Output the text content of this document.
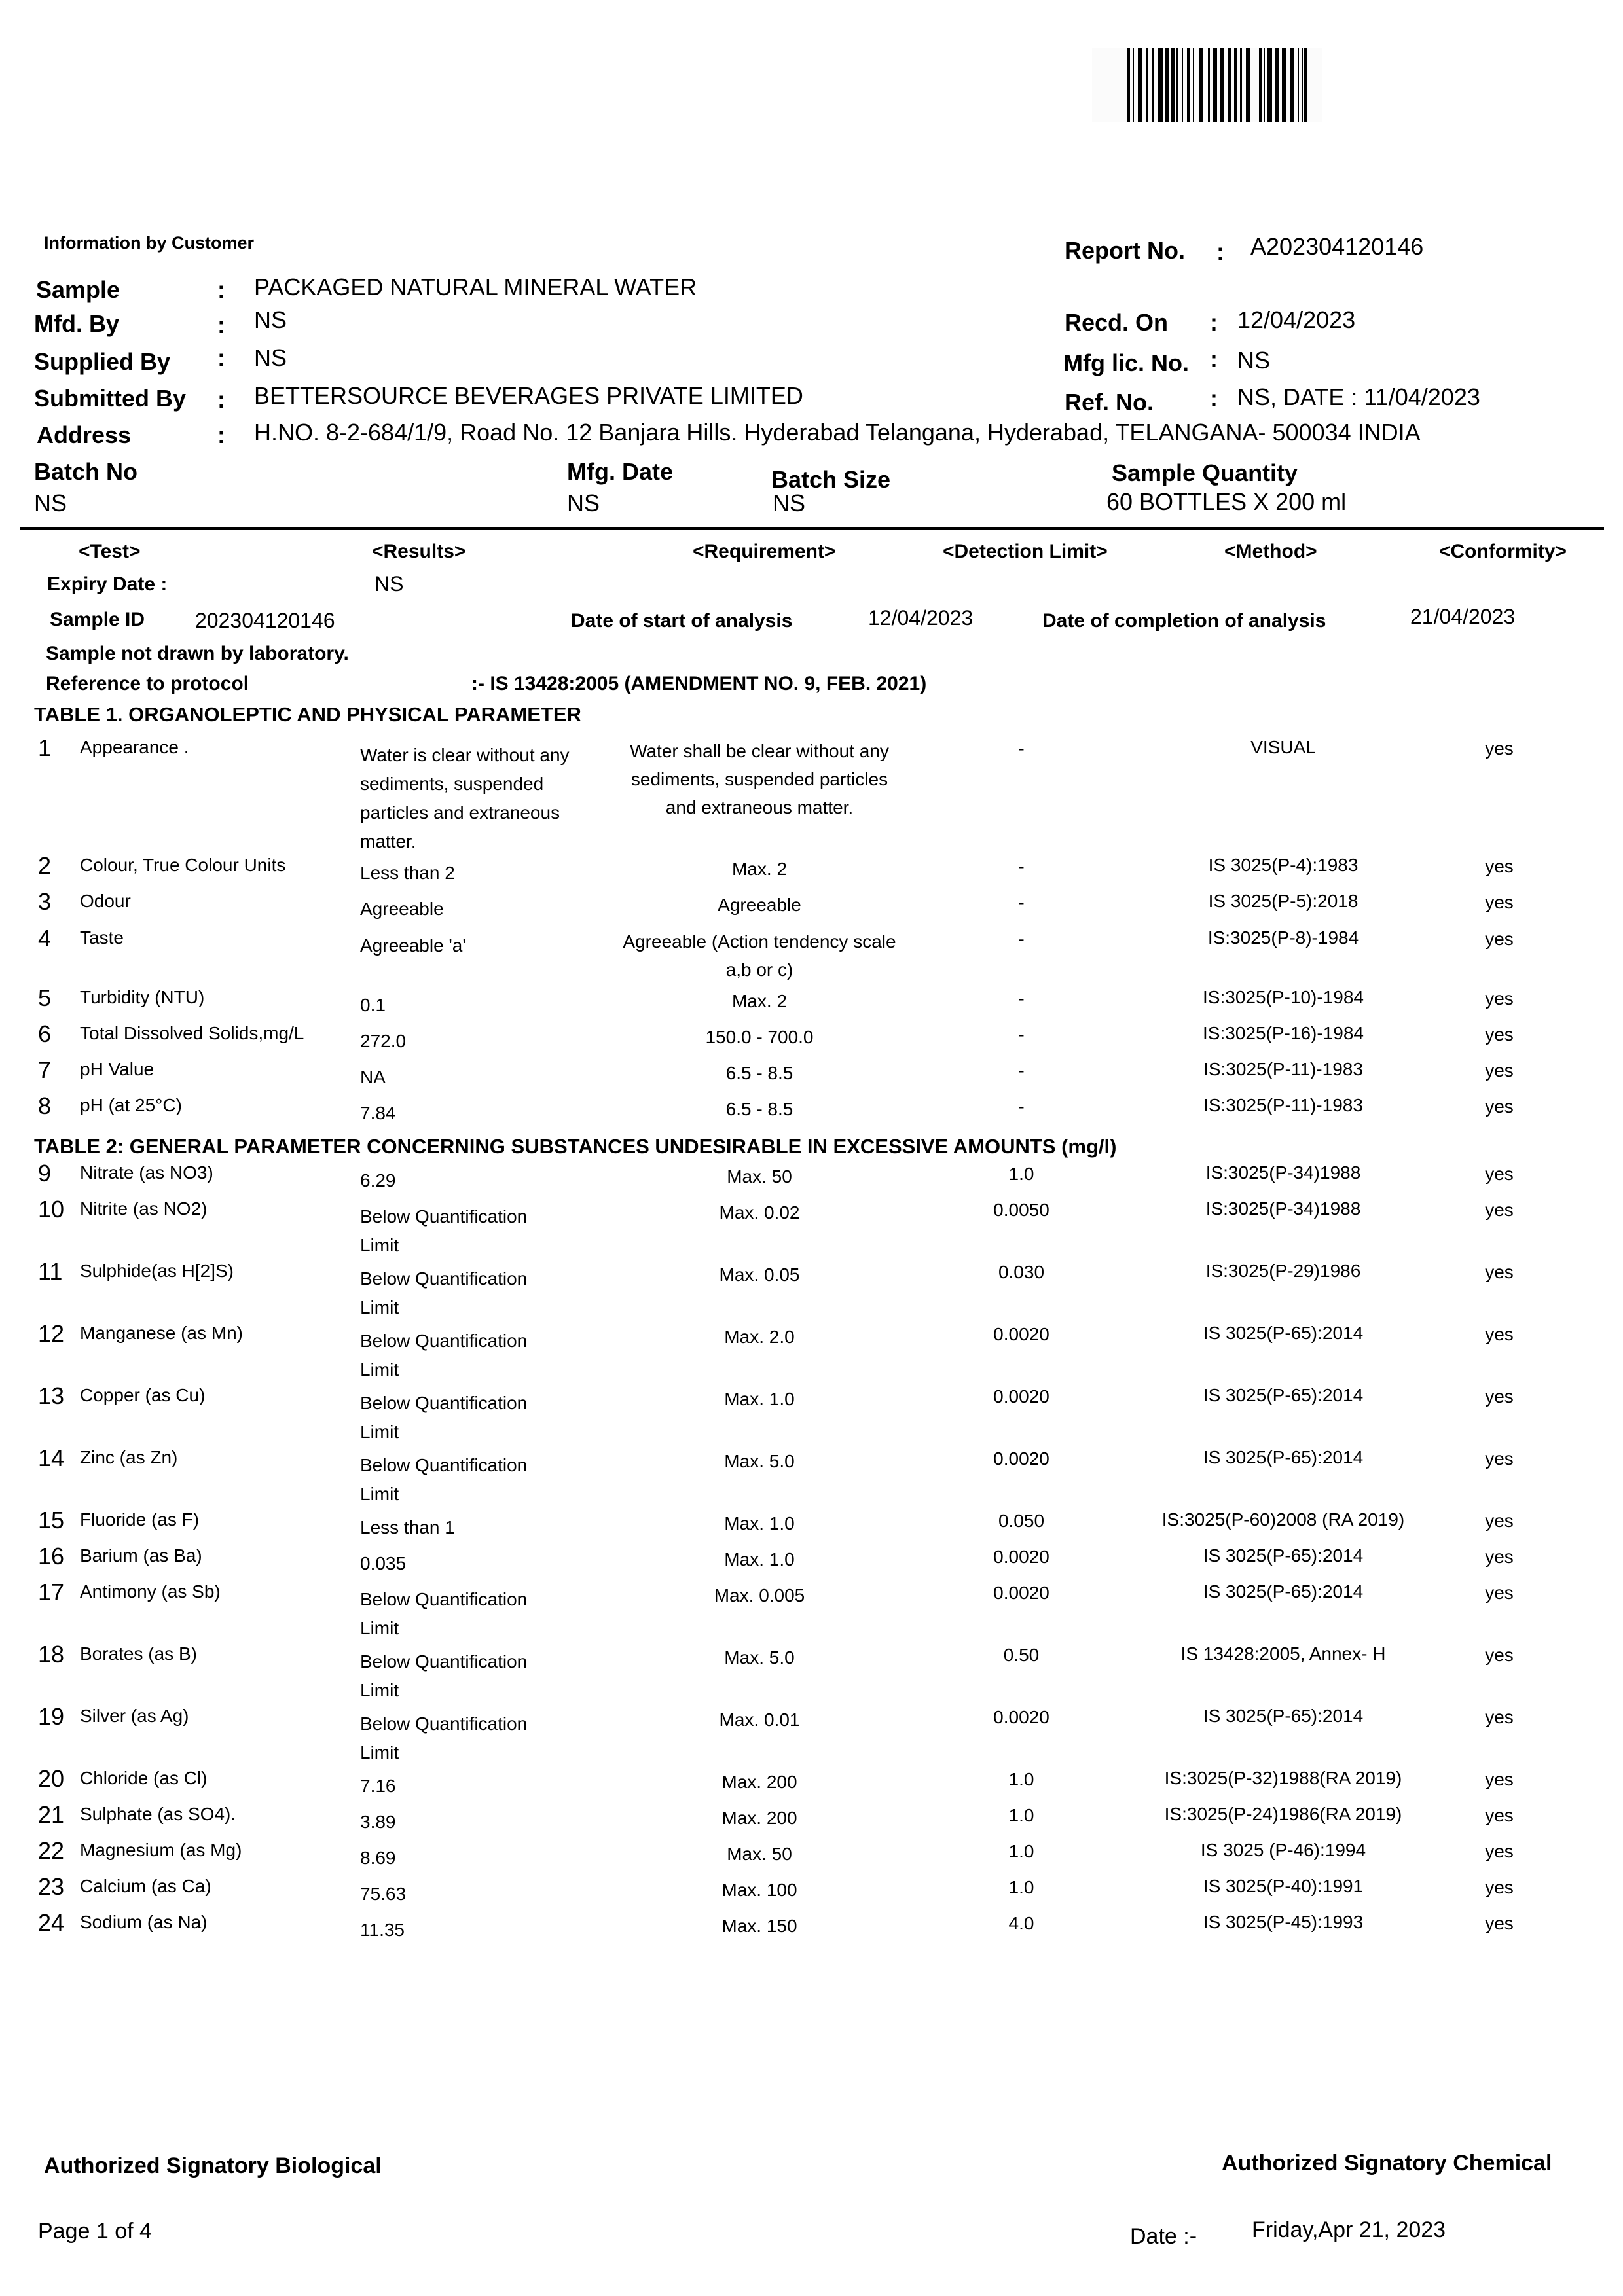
Information by Customer
Sample	: PACKAGED NATURAL MINERAL WATER
Mfd. By	: NS
Supplied By : NS
Submitted By : BETTERSOURCE BEVERAGES PRIVATE LIMITED
Address	: H.NO. 8-2-684/1/9, Road No. 12 Banjara Hills. Hyderabad Telangana, Hyderabad, TELANGANA- 500034 INDIA
Report No. : A202304120146
Recd. On : 12/04/2023
Mfg lic. No. : NS
Ref. No. : NS, DATE : 11/04/2023
Batch No
NS
Mfg. Date
NS
Batch Size
NS
Sample Quantity
60 BOTTLES X 200 ml
<Test>	<Results>	<Requirement>	<Detection Limit>	<Method>	<Conformity>
Expiry Date :	NS
Sample ID 202304120146	Date of start of analysis	12/04/2023	Date of completion of analysis	21/04/2023
Sample not drawn by laboratory.
Reference to protocol	:- IS 13428:2005 (AMENDMENT NO. 9, FEB. 2021)
TABLE 1. ORGANOLEPTIC AND PHYSICAL PARAMETER
1 Appearance .	Water is clear without any sediments, suspended particles and extraneous matter.
Water shall be clear without any sediments, suspended particles and extraneous matter.
-	VISUAL	yes
2 Colour, True Colour Units	Less than 2	Max. 2	-	IS 3025(P-4):1983	yes
3 Odour	Agreeable	Agreeable	-	IS 3025(P-5):2018	yes
4 Taste	Agreeable 'a'	Agreeable (Action tendency scale a,b or c)
-	IS:3025(P-8)-1984	yes
5 Turbidity (NTU)	0.1	Max. 2	-	IS:3025(P-10)-1984	yes
6 Total Dissolved Solids,mg/L	272.0	150.0 - 700.0	-	IS:3025(P-16)-1984	yes
7 pH Value	NA	6.5 - 8.5	-	IS:3025(P-11)-1983	yes
8 pH (at 25°C)	7.84	6.5 - 8.5	-	IS:3025(P-11)-1983	yes
TABLE 2: GENERAL PARAMETER CONCERNING SUBSTANCES UNDESIRABLE IN EXCESSIVE AMOUNTS (mg/l)
9 Nitrate (as NO3)	6.29	Max. 50	1.0	IS:3025(P-34)1988	yes
10 Nitrite (as NO2)	Below Quantification Limit
Max. 0.02	0.0050	IS:3025(P-34)1988	yes
11 Sulphide(as H[2]S)	Below Quantification Limit
Max. 0.05	0.030	IS:3025(P-29)1986	yes
12 Manganese (as Mn)	Below Quantification Limit
Max. 2.0	0.0020	IS 3025(P-65):2014	yes
13 Copper (as Cu)	Below Quantification Limit
Max. 1.0	0.0020	IS 3025(P-65):2014	yes
14 Zinc (as Zn)	Below Quantification Limit
Max. 5.0	0.0020	IS 3025(P-65):2014	yes
15 Fluoride (as F)	Less than 1	Max. 1.0	0.050	IS:3025(P-60)2008 (RA 2019)	yes
16 Barium (as Ba)	0.035	Max. 1.0	0.0020	IS 3025(P-65):2014	yes
17 Antimony (as Sb)	Below Quantification Limit
Max. 0.005	0.0020	IS 3025(P-65):2014	yes
18 Borates (as B)	Below Quantification Limit
Max. 5.0	0.50	IS 13428:2005, Annex- H	yes
19 Silver (as Ag)	Below Quantification Limit
Max. 0.01	0.0020	IS 3025(P-65):2014	yes
20 Chloride (as Cl)	7.16	Max. 200	1.0	IS:3025(P-32)1988(RA 2019)	yes
21 Sulphate (as SO4).	3.89	Max. 200	1.0	IS:3025(P-24)1986(RA 2019)	yes
22 Magnesium (as Mg)	8.69	Max. 50	1.0	IS 3025 (P-46):1994	yes
23 Calcium (as Ca)	75.63	Max. 100	1.0	IS 3025(P-40):1991	yes
24 Sodium (as Na)	11.35	Max. 150	4.0	IS 3025(P-45):1993	yes
Authorized Signatory Biological	Authorized Signatory Chemical
Page 1 of 4	Date :- Friday,Apr 21, 2023
